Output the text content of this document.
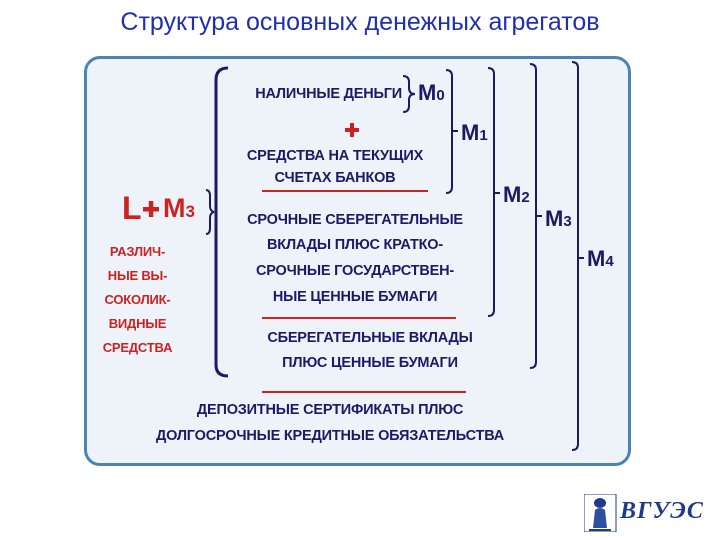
Структура основных денежных агрегатов
НАЛИЧНЫЕ ДЕНЬГИ
СРЕДСТВА НА ТЕКУЩИХ
СЧЕТАХ БАНКОВ
СРОЧНЫЕ СБЕРЕГАТЕЛЬНЫЕ
ВКЛАДЫ ПЛЮС КРАТКО-
СРОЧНЫЕ ГОСУДАРСТВЕН-
НЫЕ ЦЕННЫЕ БУМАГИ
СБЕРЕГАТЕЛЬНЫЕ ВКЛАДЫ
ПЛЮС ЦЕННЫЕ БУМАГИ
ДЕПОЗИТНЫЕ СЕРТИФИКАТЫ ПЛЮС
ДОЛГОСРОЧНЫЕ КРЕДИТНЫЕ ОБЯЗАТЕЛЬСТВА
M0
M1
M2
M3
M4
L M3
РАЗЛИЧ-
НЫЕ ВЫ-
СОКОЛИК-
ВИДНЫЕ
СРЕДСТВА
ВГУЭС
